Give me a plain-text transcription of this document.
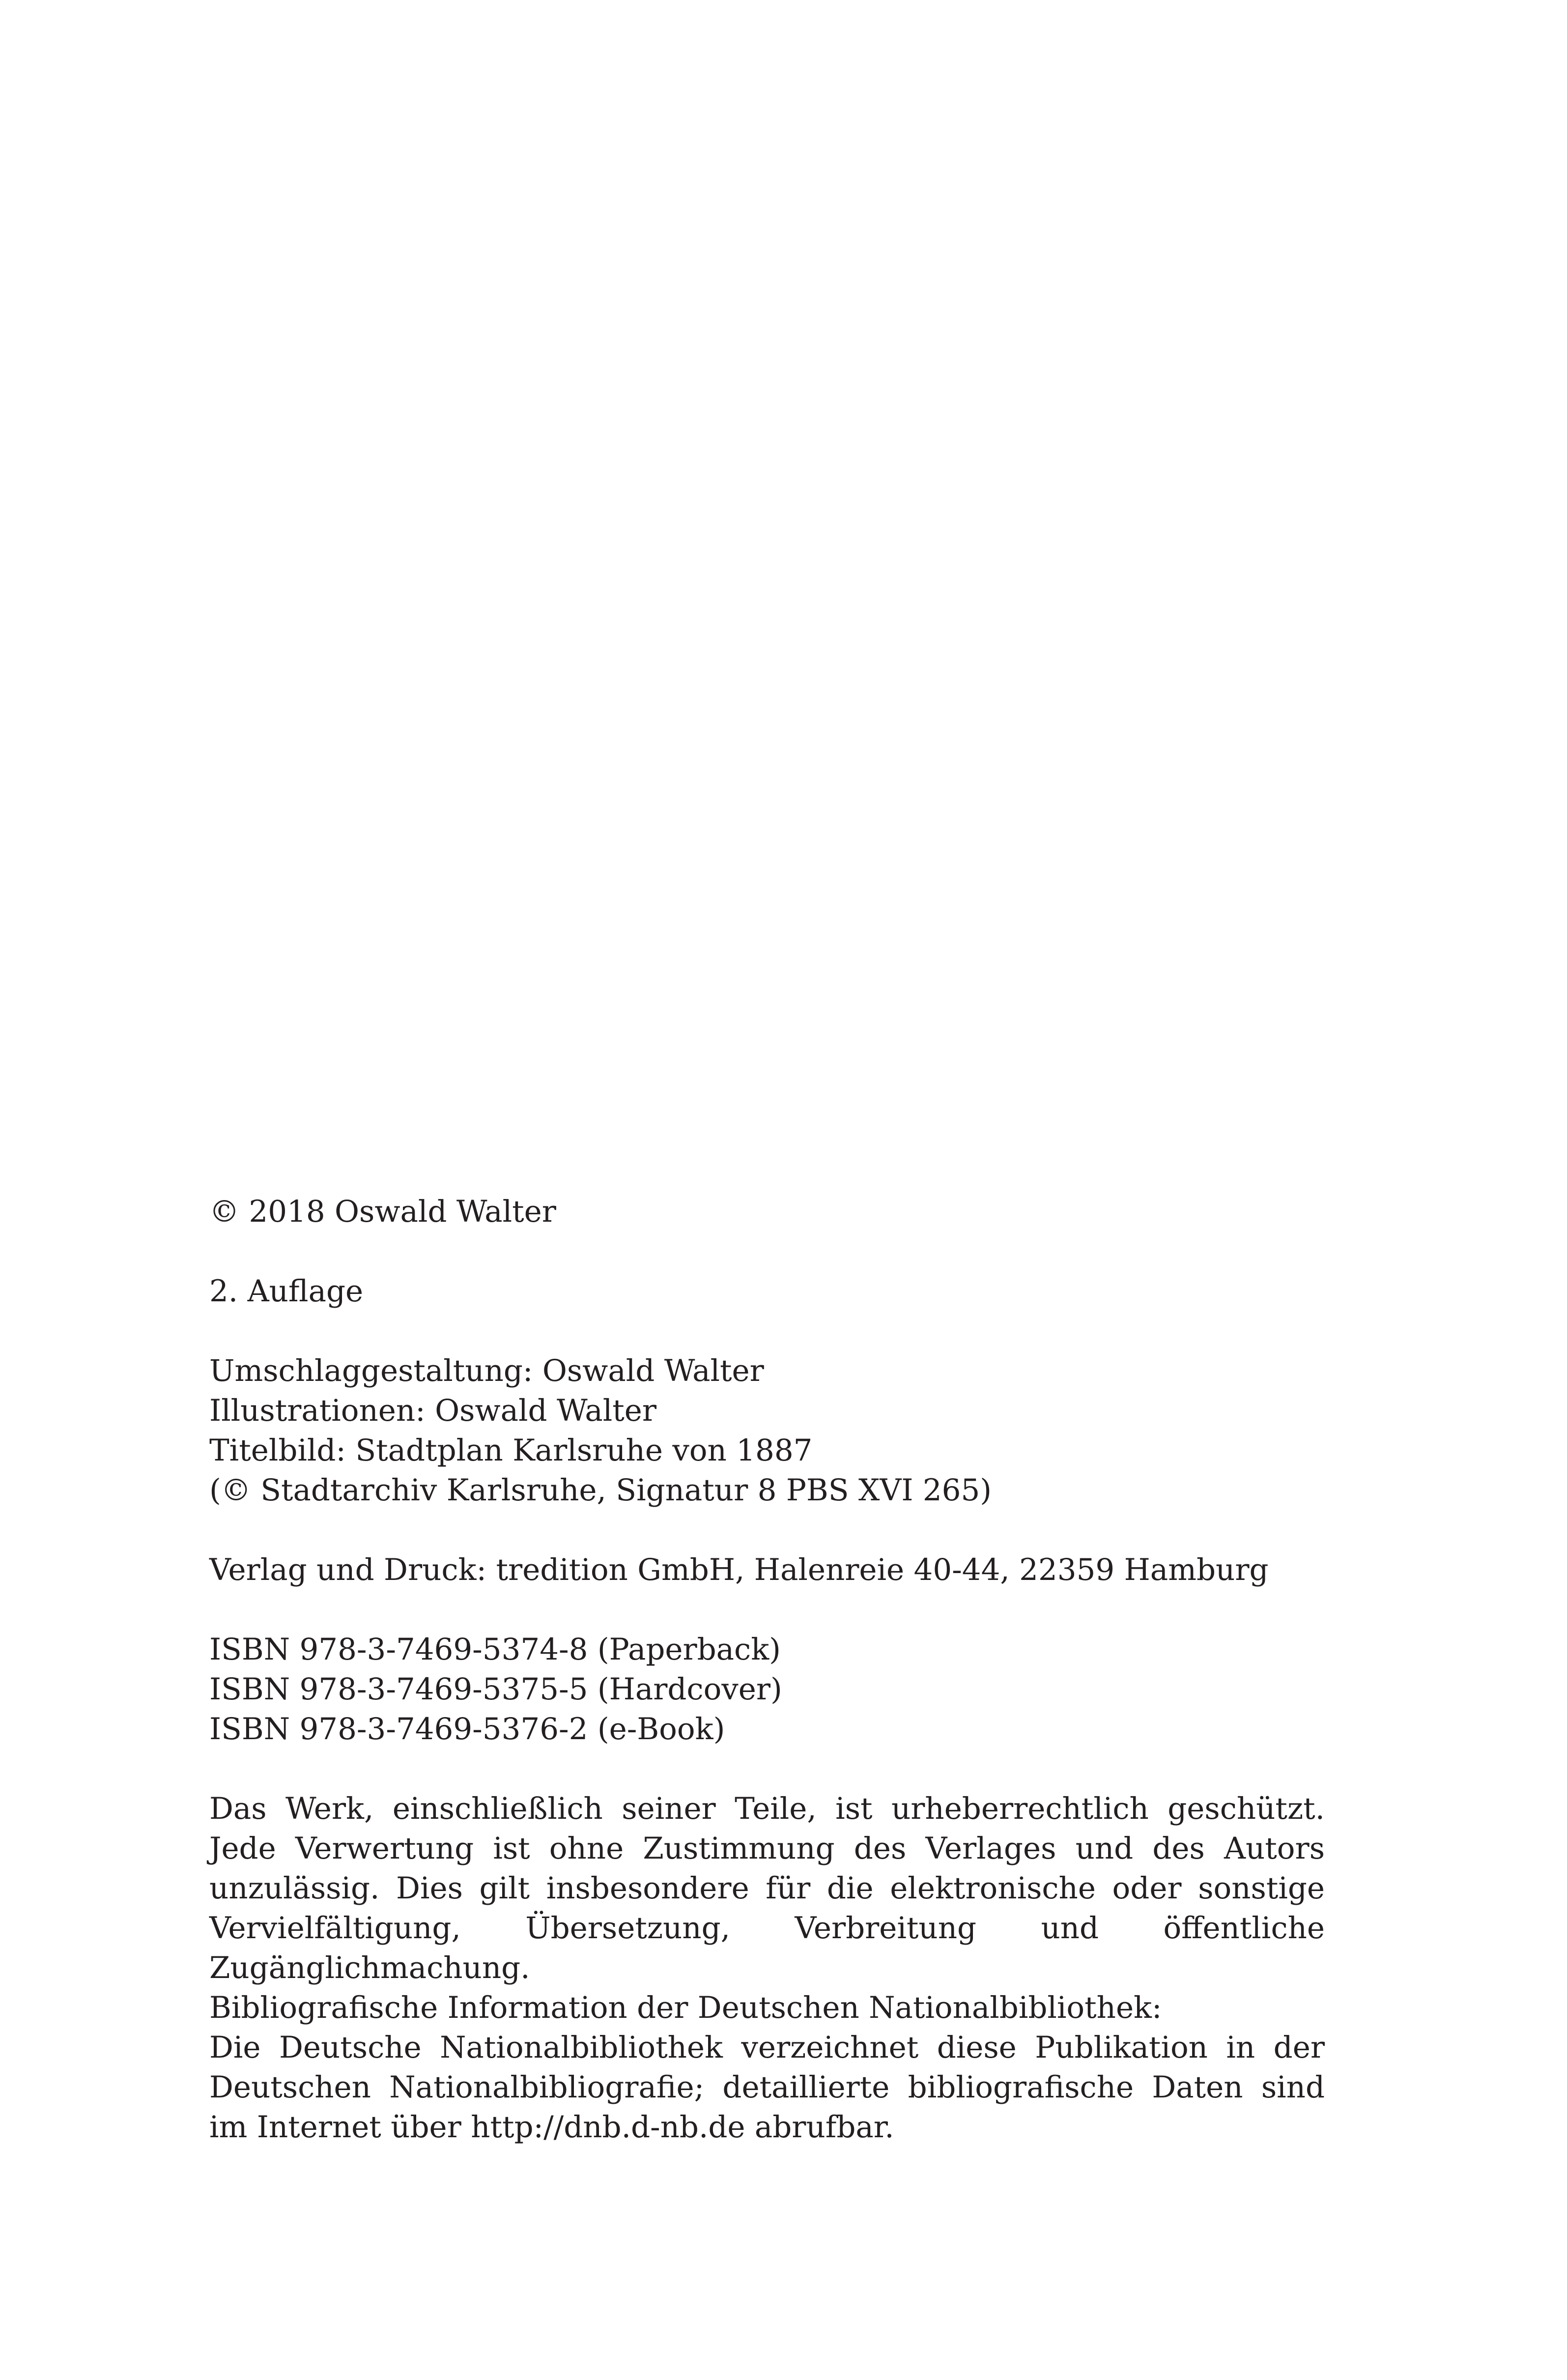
© 2018 Oswald Walter
2. Auflage
Umschlaggestaltung: Oswald Walter
Illustrationen: Oswald Walter
Titelbild: Stadtplan Karlsruhe von 1887
(© Stadtarchiv Karlsruhe, Signatur 8 PBS XVI 265)
Verlag und Druck: tredition GmbH, Halenreie 40-44, 22359 Hamburg
ISBN 978-3-7469-5374-8 (Paperback)
ISBN 978-3-7469-5375-5 (Hardcover)
ISBN 978-3-7469-5376-2 (e-Book)
Das Werk, einschließlich seiner Teile, ist urheberrechtlich geschützt. Jede Verwertung ist ohne Zustimmung des Verlages und des Autors unzulässig. Dies gilt insbesondere für die elektronische oder sonstige Vervielfältigung, Übersetzung, Verbreitung und öffentliche Zugänglichmachung.
Bibliografische Information der Deutschen Nationalbibliothek:
Die Deutsche Nationalbibliothek verzeichnet diese Publikation in der Deutschen Nationalbibliografie; detaillierte bibliografische Daten sind im Internet über http://dnb.d-nb.de abrufbar.
